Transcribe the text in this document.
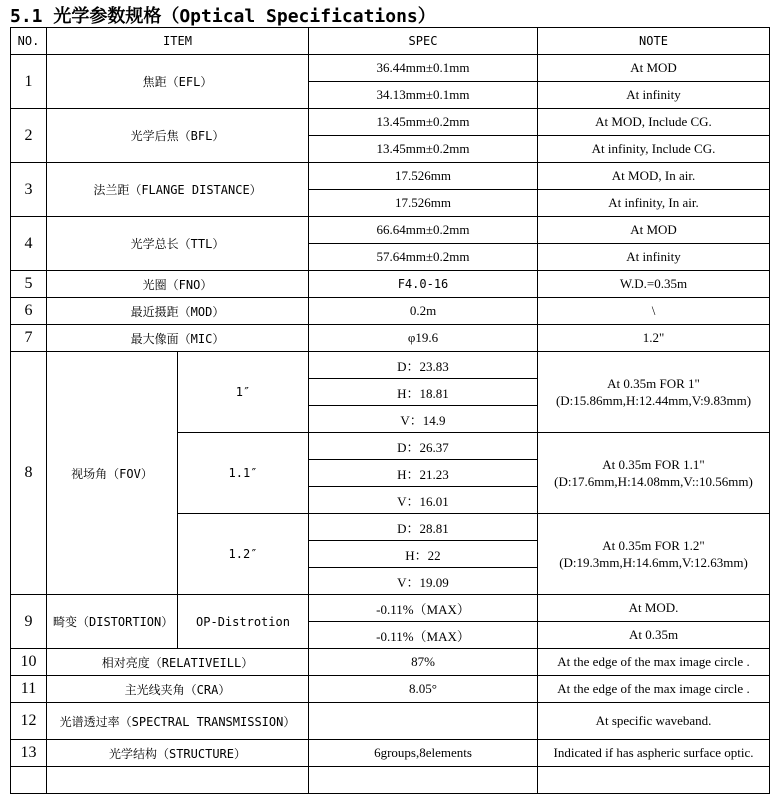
5.1 光学参数规格（Optical Specifications）
NO.	ITEM		SPEC	NOTE
1	焦距（EFL）		36.44mm±0.1mm	At MOD
			34.13mm±0.1mm	At infinity
2	光学后焦（BFL）		13.45mm±0.2mm	At MOD, Include CG.
			13.45mm±0.2mm	At infinity, Include CG.
3	法兰距（FLANGE DISTANCE）		17.526mm	At MOD, In air.
			17.526mm	At infinity, In air.
4	光学总长（TTL）		66.64mm±0.2mm	At MOD
			57.64mm±0.2mm	At infinity
5	光圈（FNO）		F4.0-16	W.D.=0.35m
6	最近摄距（MOD）		0.2m	\
7	最大像面（MIC）		φ19.6	1.2"
8	视场角（FOV）	1″	D：23.83	At 0.35m FOR 1"
(D:15.86mm,H:12.44mm,V:9.83mm)
			H：18.81	
			V：14.9	
		1.1″	D：26.37	At 0.35m FOR 1.1"
(D:17.6mm,H:14.08mm,V::10.56mm)
			H：21.23	
			V：16.01	
		1.2″	D：28.81	At 0.35m FOR 1.2"
(D:19.3mm,H:14.6mm,V:12.63mm)
			H：22	
			V：19.09	
9	畸变（DISTORTION）	OP-Distrotion	-0.11%（MAX）	At MOD.
			-0.11%（MAX）	At 0.35m
10	相对亮度（RELATIVEILL）		87%	At the edge of the max image circle .
11	主光线夹角（CRA）		8.05°	At the edge of the max image circle .
12	光谱透过率（SPECTRAL TRANSMISSION）			At specific waveband.
13	光学结构（STRUCTURE）		6groups,8elements	Indicated if has aspheric surface optic.
